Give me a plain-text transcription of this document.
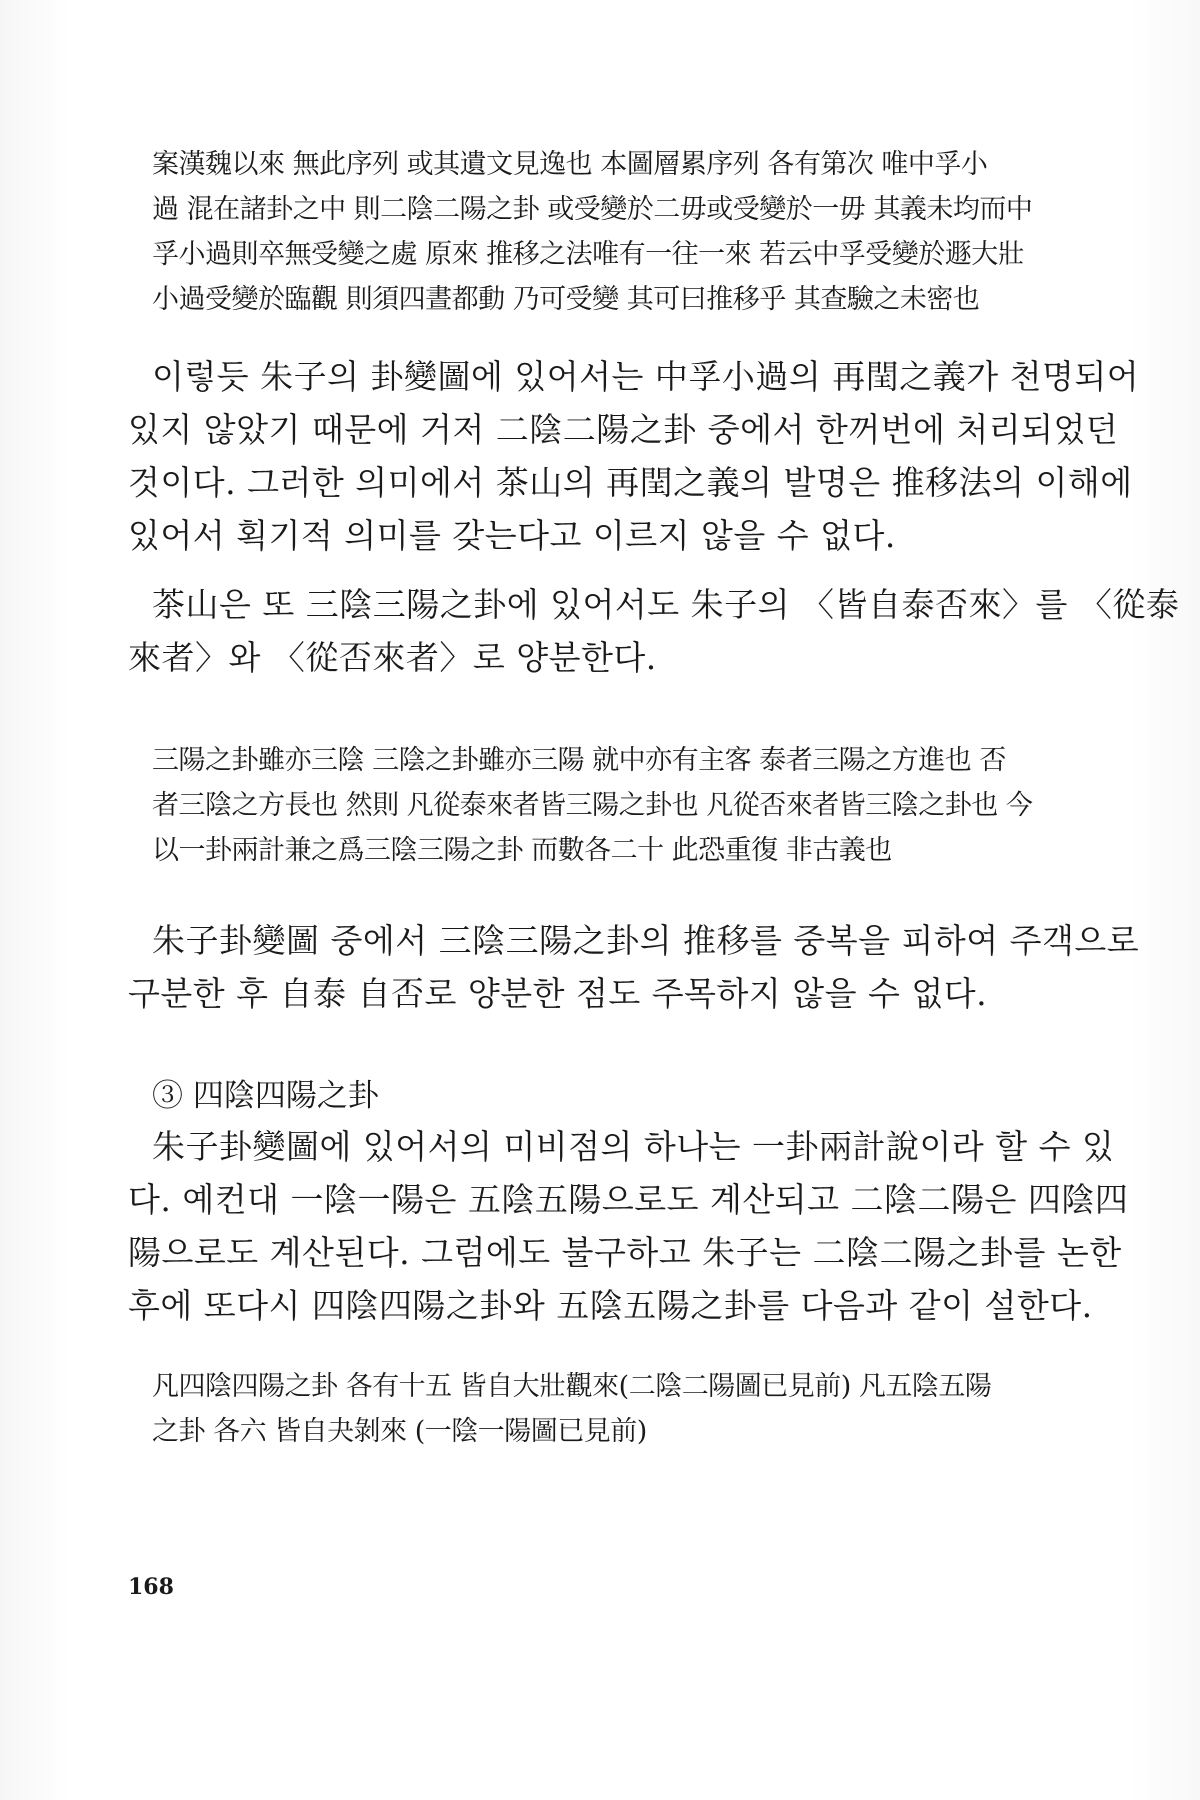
案漢魏以來 無此序列 或其遺文見逸也 本圖層累序列 各有第次 唯中孚小
過 混在諸卦之中 則二陰二陽之卦 或受變於二毋或受變於一毋 其義未均而中
孚小過則卒無受變之處 原來 推移之法唯有一往一來 若云中孚受變於遯大壯
小過受變於臨觀 則須四晝都動 乃可受變 其可曰推移乎 其查驗之未密也
이렇듯 朱子의 卦變圖에 있어서는 中孚小過의 再閏之義가 천명되어
있지 않았기 때문에 거저 二陰二陽之卦 중에서 한꺼번에 처리되었던
것이다. 그러한 의미에서 茶山의 再閏之義의 발명은 推移法의 이해에
있어서 획기적 의미를 갖는다고 이르지 않을 수 없다.
茶山은 또 三陰三陽之卦에 있어서도 朱子의 〈皆自泰否來〉를 〈從泰
來者〉와 〈從否來者〉로 양분한다.
三陽之卦雖亦三陰 三陰之卦雖亦三陽 就中亦有主客 泰者三陽之方進也 否
者三陰之方長也 然則 凡從泰來者皆三陽之卦也 凡從否來者皆三陰之卦也 今
以一卦兩計兼之爲三陰三陽之卦 而數各二十 此恐重復 非古義也
朱子卦變圖 중에서 三陰三陽之卦의 推移를 중복을 피하여 주객으로
구분한 후 自泰 自否로 양분한 점도 주목하지 않을 수 없다.

③ 四陰四陽之卦

朱子卦變圖에 있어서의 미비점의 하나는 一卦兩計說이라 할 수 있
다. 예컨대 一陰一陽은 五陰五陽으로도 계산되고 二陰二陽은 四陰四
陽으로도 계산된다. 그럼에도 불구하고 朱子는 二陰二陽之卦를 논한
후에 또다시 四陰四陽之卦와 五陰五陽之卦를 다음과 같이 설한다.
凡四陰四陽之卦 各有十五 皆自大壯觀來(二陰二陽圖已見前) 凡五陰五陽
之卦 各六 皆自夬剝來 (一陰一陽圖已見前)

168
